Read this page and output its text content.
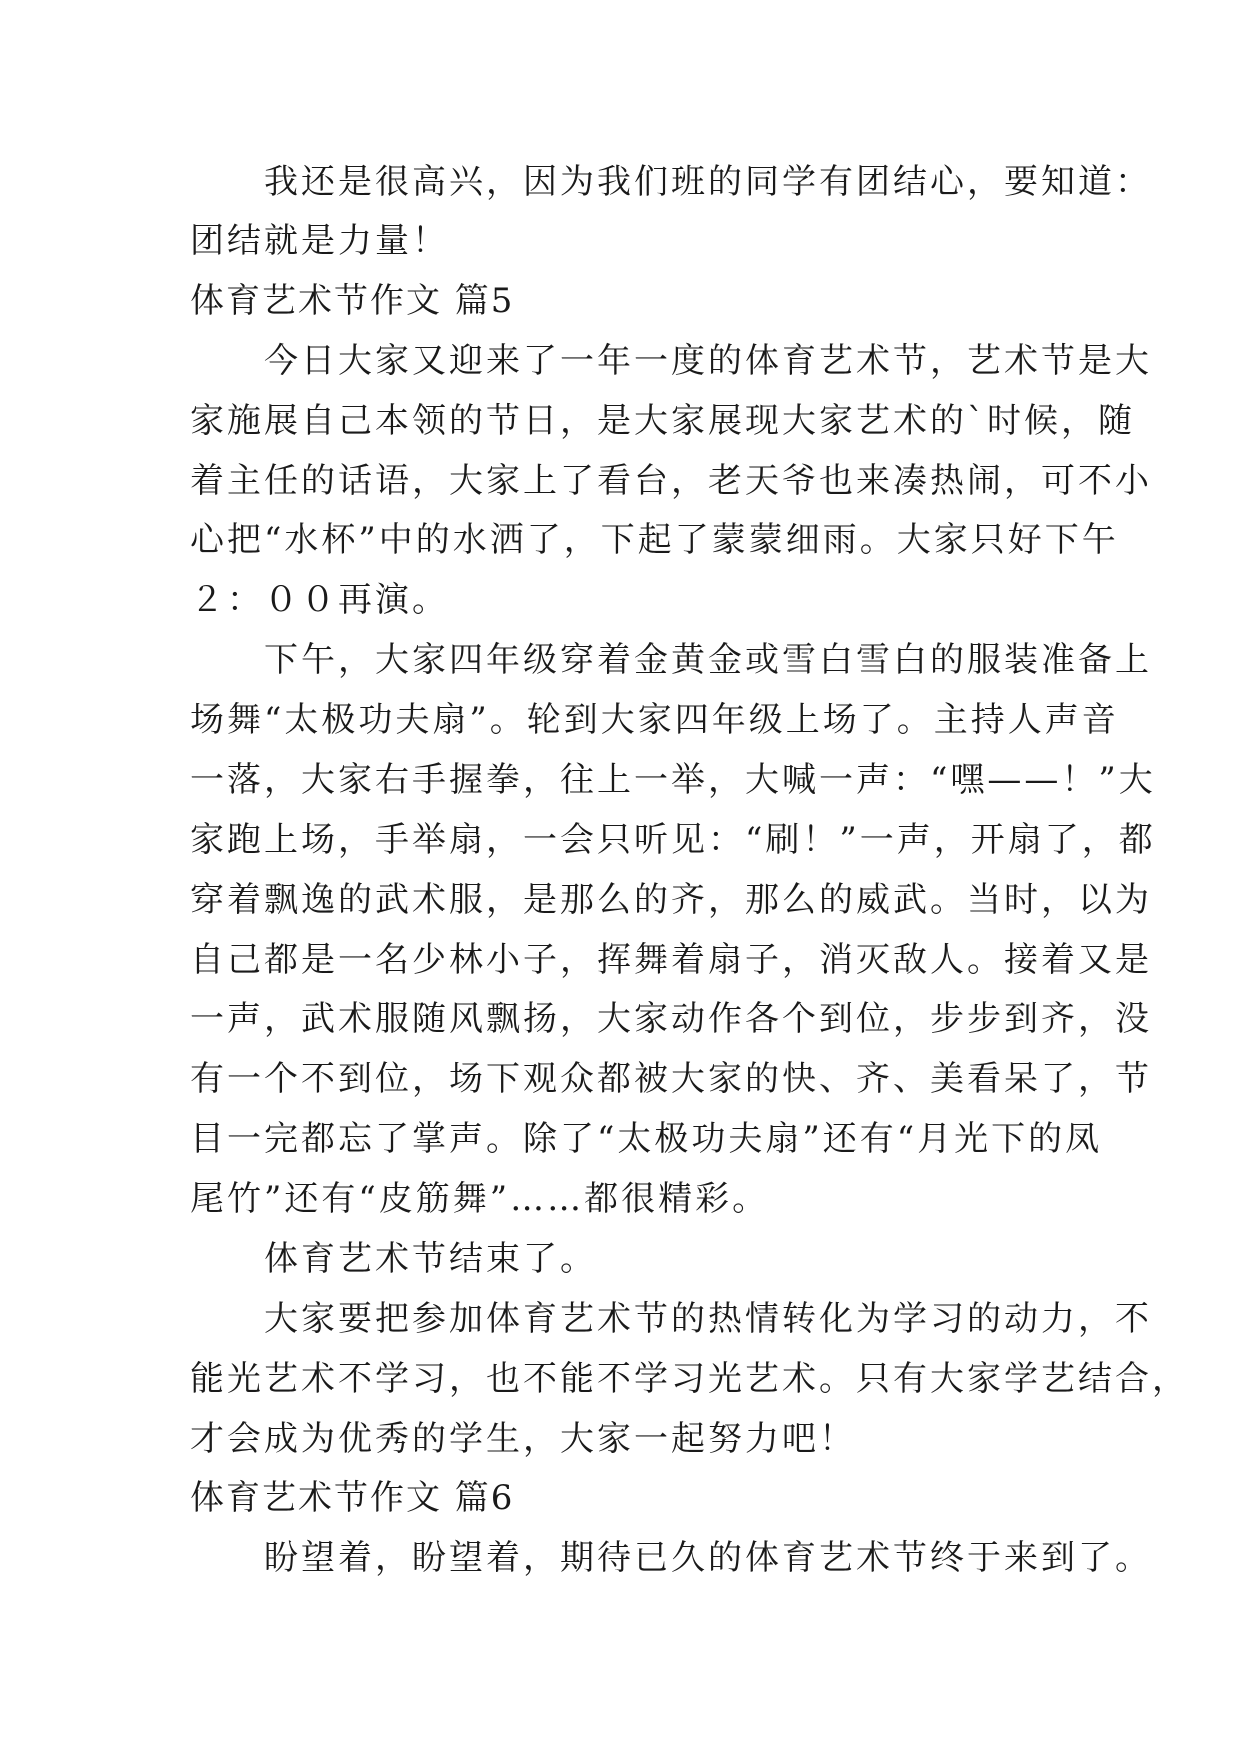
　　我还是很高兴，因为我们班的同学有团结心，要知道：
团结就是力量！
体育艺术节作文 篇5
　　今日大家又迎来了一年一度的体育艺术节，艺术节是大
家施展自己本领的节日，是大家展现大家艺术的`时候，随
着主任的话语，大家上了看台，老天爷也来凑热闹，可不小
心把“水杯”中的水洒了，下起了蒙蒙细雨。大家只好下午
２：００再演。
　　下午，大家四年级穿着金黄金或雪白雪白的服装准备上
场舞“太极功夫扇”。轮到大家四年级上场了。主持人声音
一落，大家右手握拳，往上一举，大喊一声：“嘿——！”大
家跑上场，手举扇，一会只听见：“刷！”一声，开扇了，都
穿着飘逸的武术服，是那么的齐，那么的威武。当时，以为
自己都是一名少林小子，挥舞着扇子，消灭敌人。接着又是
一声，武术服随风飘扬，大家动作各个到位，步步到齐，没
有一个不到位，场下观众都被大家的快、齐、美看呆了，节
目一完都忘了掌声。除了“太极功夫扇”还有“月光下的凤
尾竹”还有“皮筋舞”……都很精彩。
　　体育艺术节结束了。
　　大家要把参加体育艺术节的热情转化为学习的动力，不
能光艺术不学习，也不能不学习光艺术。只有大家学艺结合，
才会成为优秀的学生，大家一起努力吧！
体育艺术节作文 篇6
　　盼望着，盼望着，期待已久的体育艺术节终于来到了。
